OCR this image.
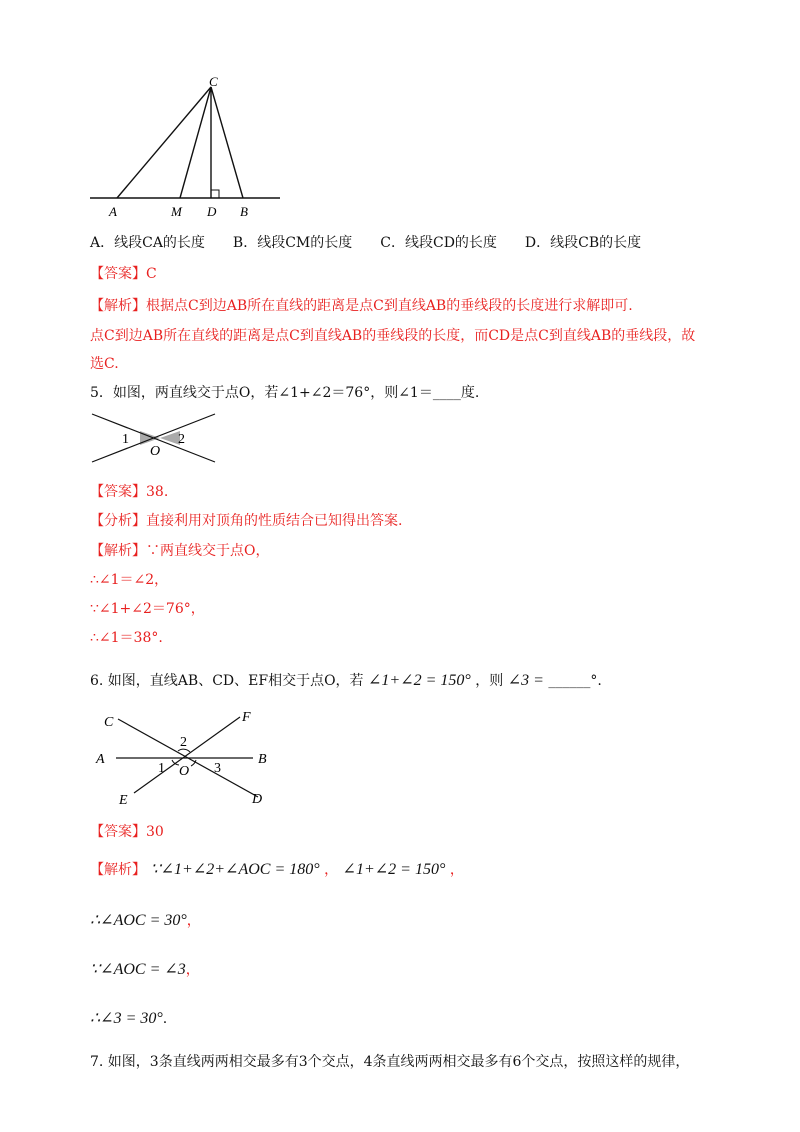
C
A	M D B
A．线段CA的长度　　B．线段CM的长度　　C．线段CD的长度　　D．线段CB的长度
【答案】C
【解析】根据点C到边AB所在直线的距离是点C到直线AB的垂线段的长度进行求解即可.
点C到边AB所在直线的距离是点C到直线AB的垂线段的长度，而CD是点C到直线AB的垂线段，故
选C.
5．如图，两直线交于点O，若∠1+∠2＝76°，则∠1＝____度.
1
O
2
【答案】38.
【分析】直接利用对顶角的性质结合已知得出答案.
【解析】∵两直线交于点O，
∴∠1＝∠2，
∵∠1+∠2＝76°，
∴∠1＝38°.
6. 如图，直线AB、CD、EF相交于点O，若 ∠1+∠2 = 150° ，则 ∠3 = ______°.
C	F
A	B
E	D
O
1
2
3
【答案】30
【解析】 ∵∠1+∠2+∠AOC = 180° ， ∠1+∠2 = 150° ，
∴∠AOC = 30°，
∵∠AOC = ∠3，
∴∠3 = 30°.
7. 如图，3条直线两两相交最多有3个交点，4条直线两两相交最多有6个交点，按照这样的规律，
